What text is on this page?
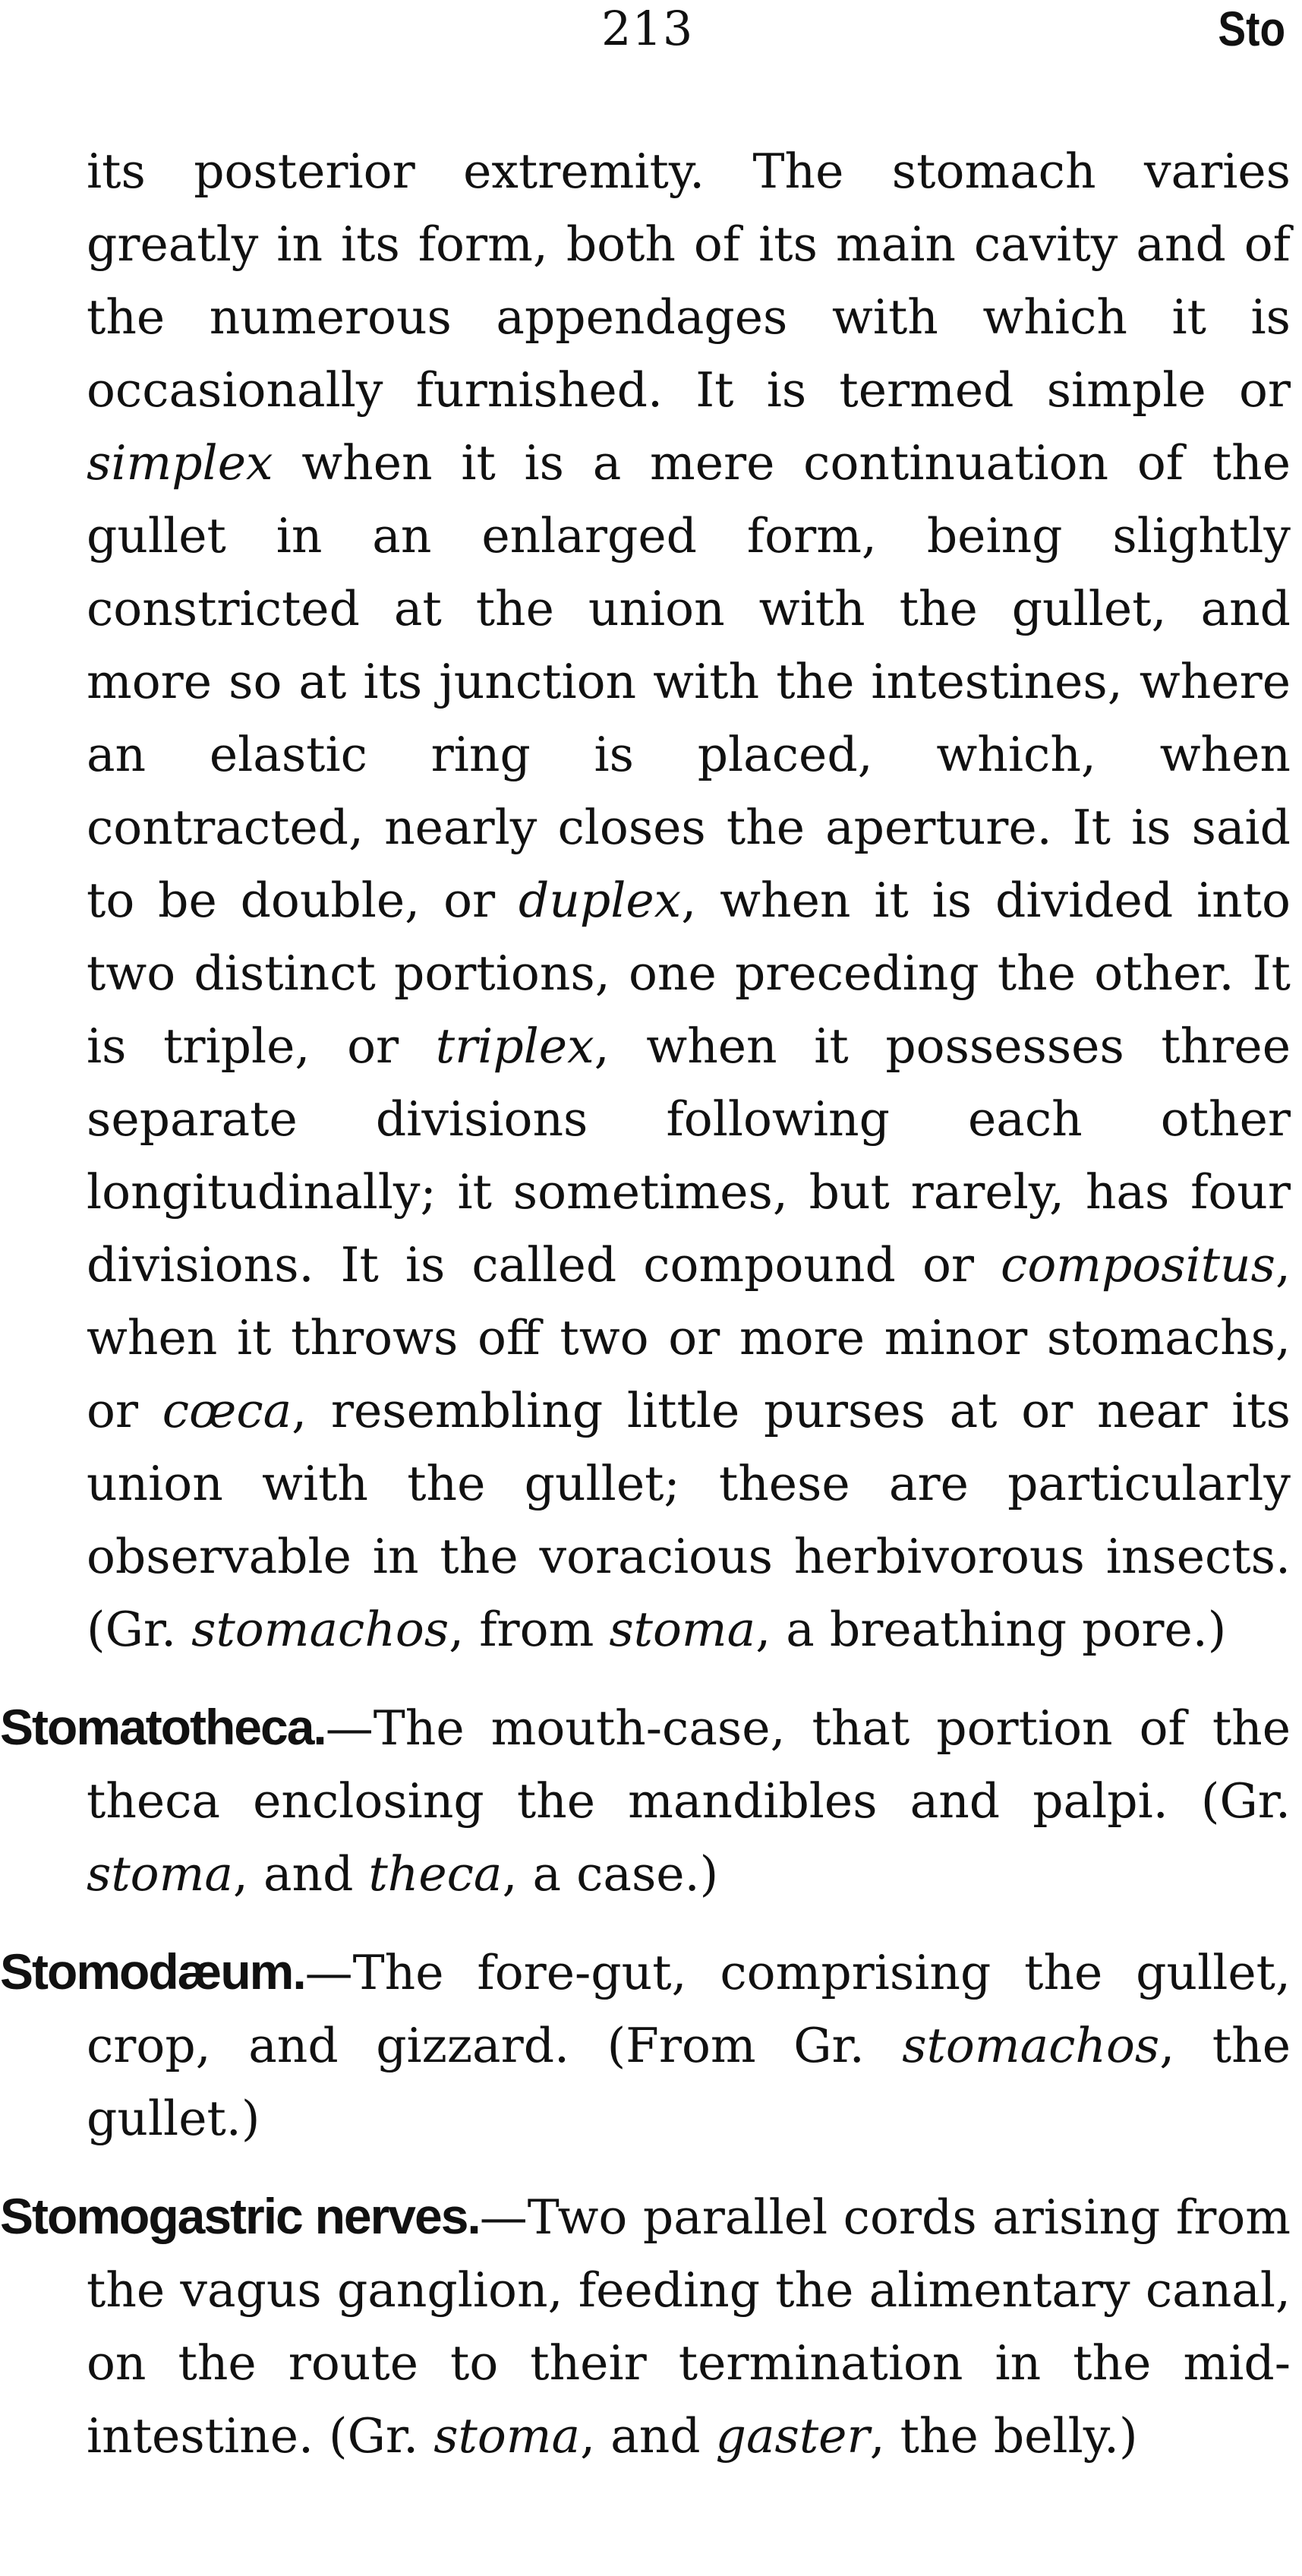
213	Sto

its posterior extremity. The stomach varies greatly in its form, both of its main cavity and of the numerous appendages with which it is occasionally furnished. It is termed simple or simplex when it is a mere continuation of the gullet in an enlarged form, being slightly constricted at the union with the gullet, and more so at its junction with the intestines, where an elastic ring is placed, which, when contracted, nearly closes the aperture. It is said to be double, or duplex, when it is divided into two distinct portions, one preceding the other. It is triple, or triplex, when it possesses three separate divisions following each other longitudinally; it sometimes, but rarely, has four divisions. It is called compound or compositus, when it throws off two or more minor stomachs, or cœca, resembling little purses at or near its union with the gullet; these are particularly observable in the voracious herbivorous insects. (Gr. stomachos, from stoma, a breathing pore.)

Stomatotheca.—The mouth-case, that portion of the theca enclosing the mandibles and palpi. (Gr. stoma, and theca, a case.)

Stomodæum.—The fore-gut, comprising the gullet, crop, and gizzard. (From Gr. stomachos, the gullet.)

Stomogastric nerves.—Two parallel cords arising from the vagus ganglion, feeding the alimentary canal, on the route to their termination in the mid-intestine. (Gr. stoma, and gaster, the belly.)
